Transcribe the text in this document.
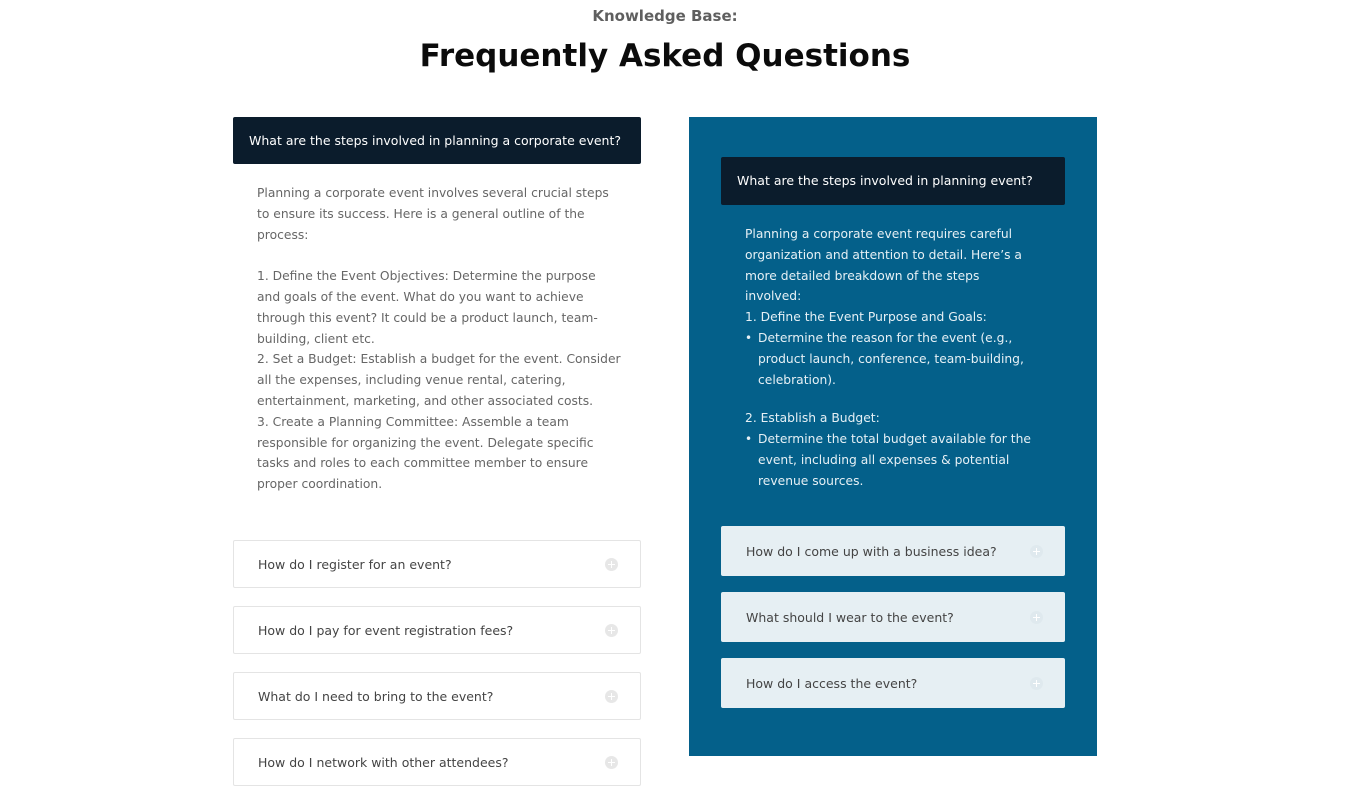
Knowledge Base:
Frequently Asked Questions
What are the steps involved in planning a corporate event?

Planning a corporate event involves several crucial steps to ensure its success. Here is a general outline of the process:

1. Define the Event Objectives: Determine the purpose and goals of the event. What do you want to achieve through this event? It could be a product launch, team-building, client etc.

2. Set a Budget: Establish a budget for the event. Consider all the expenses, including venue rental, catering, entertainment, marketing, and other associated costs.

3. Create a Planning Committee: Assemble a team responsible for organizing the event. Delegate specific tasks and roles to each committee member to ensure proper coordination.

How do I register for an event?
How do I pay for event registration fees?
What do I need to bring to the event?
How do I network with other attendees?
What are the steps involved in planning event?

Planning a corporate event requires careful organization and attention to detail. Here’s a more detailed breakdown of the steps involved:

1. Define the Event Purpose and Goals:

• Determine the reason for the event (e.g., product launch, conference, team-building, celebration).

2. Establish a Budget:

• Determine the total budget available for the event, including all expenses & potential revenue sources.
How do I come up with a business idea?
What should I wear to the event?
How do I access the event?
